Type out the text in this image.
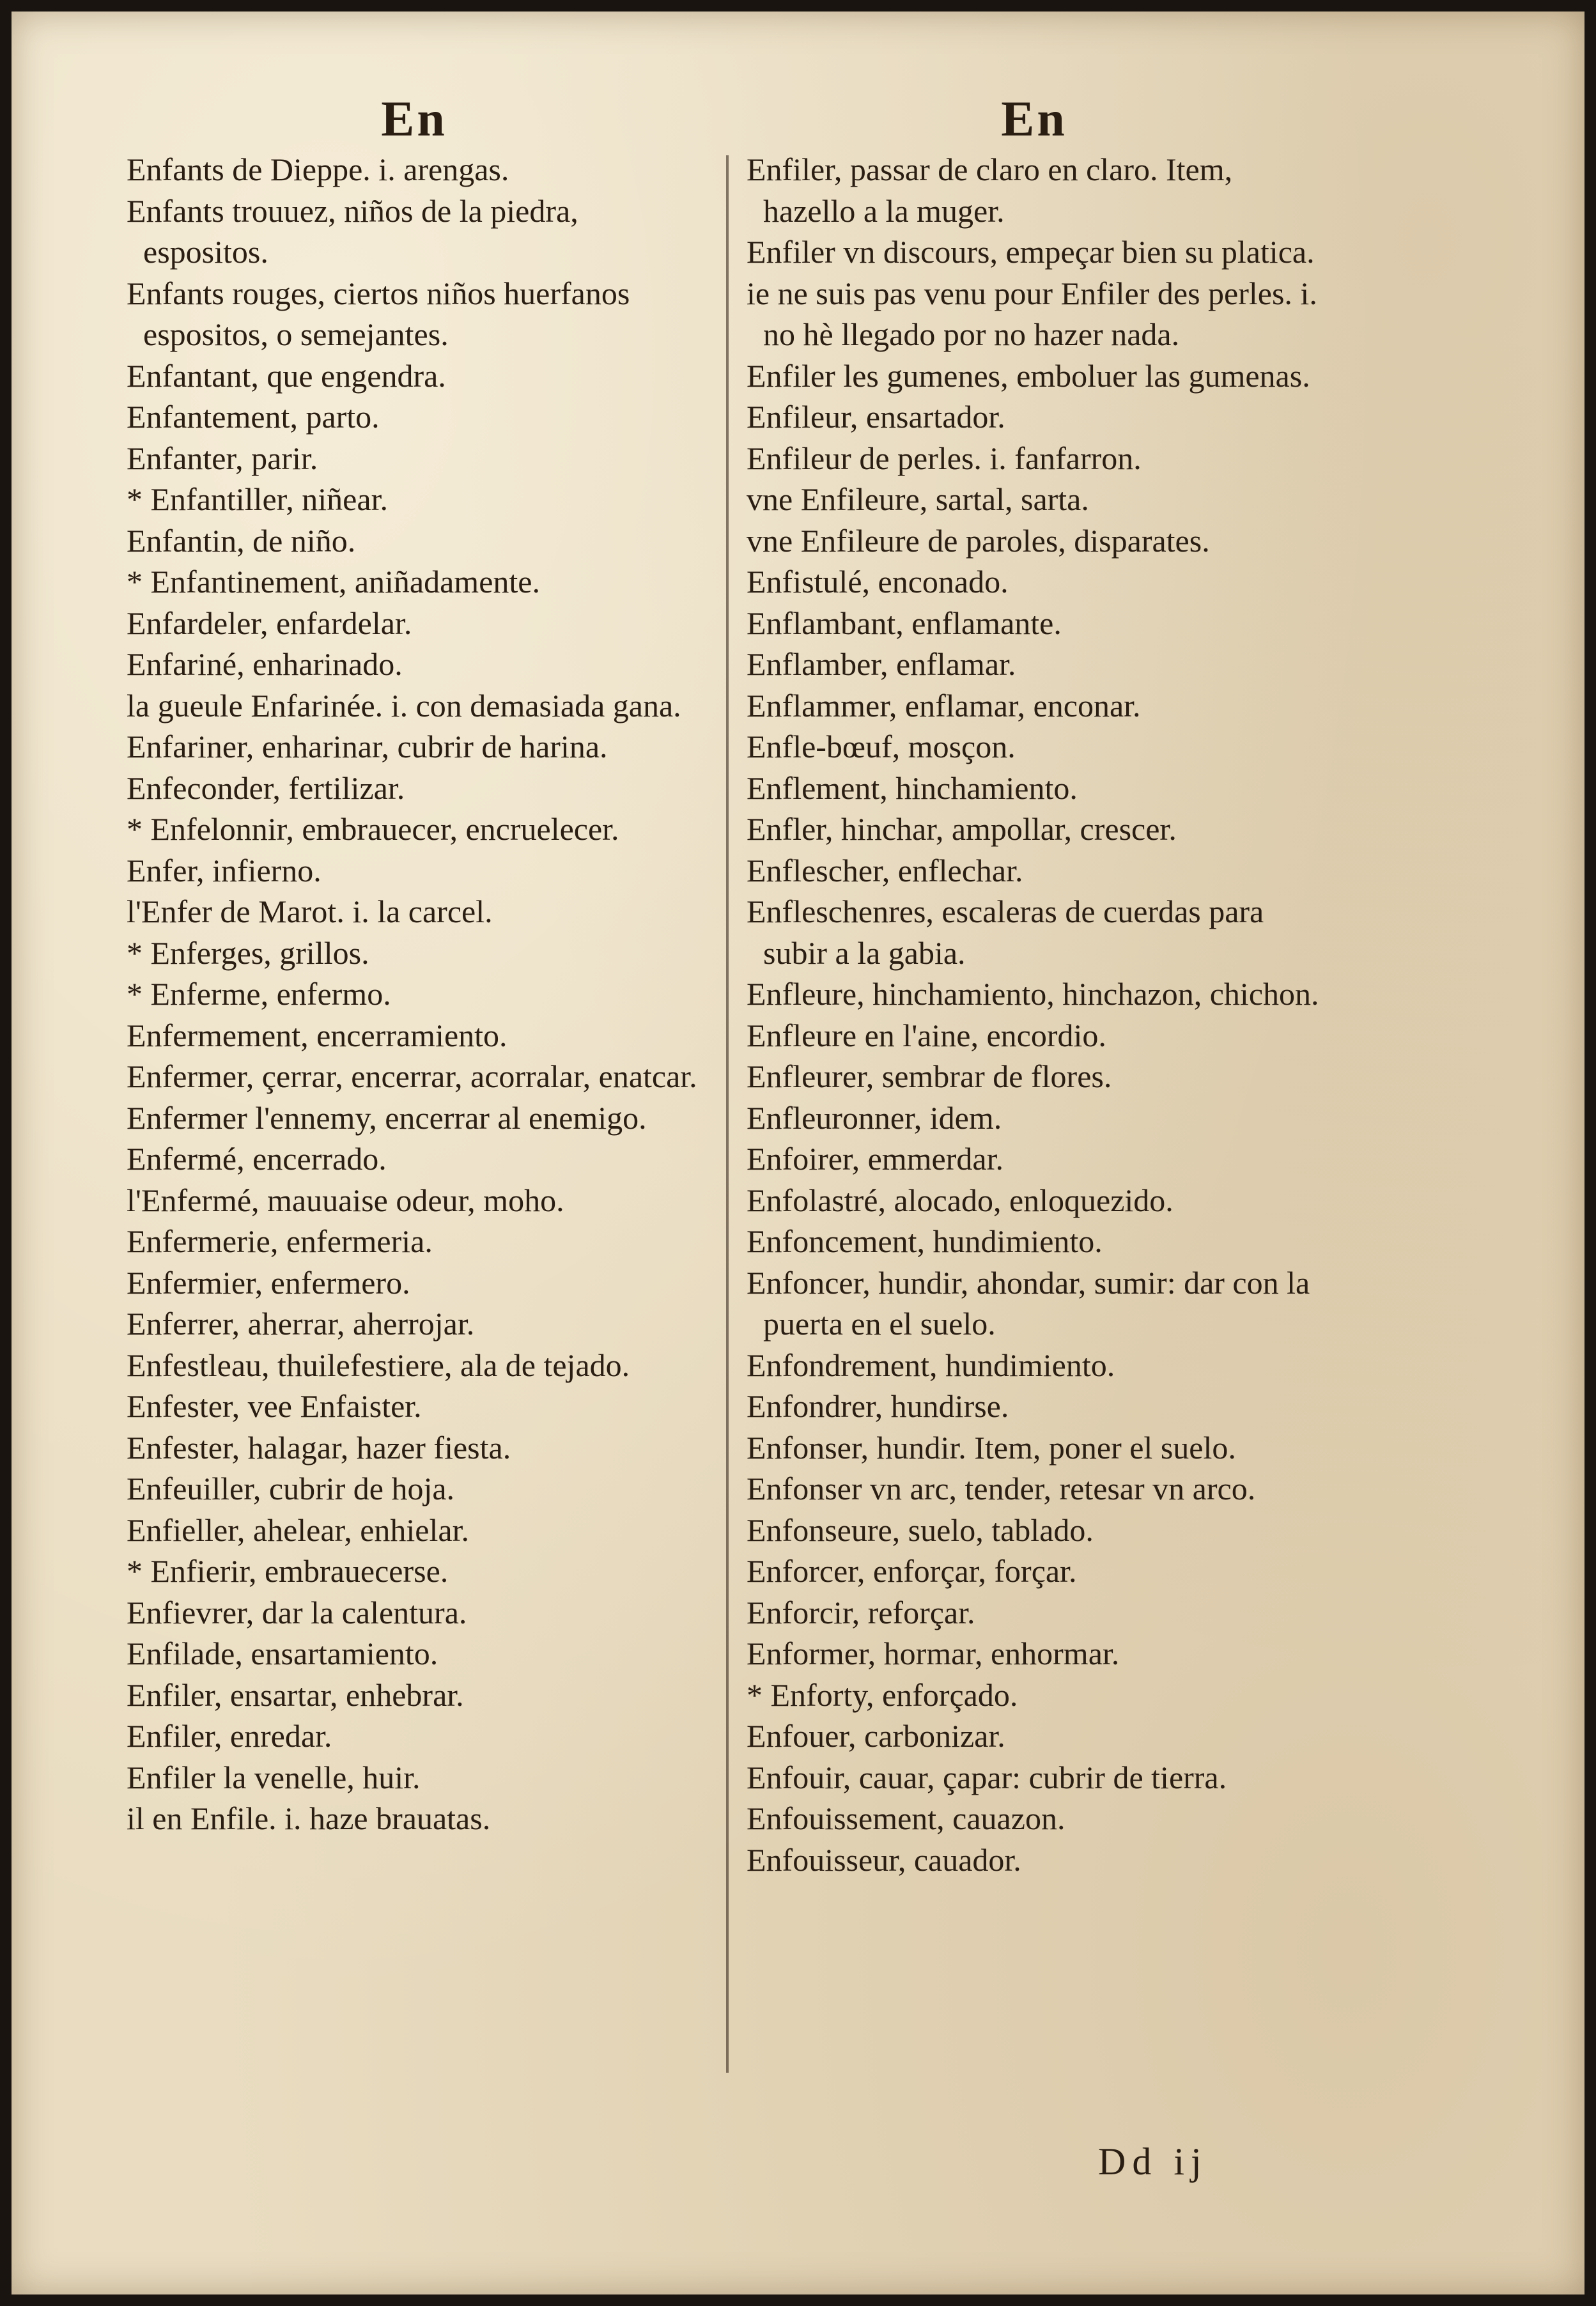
En
Enfants de Dieppe. i. arengas.
Enfants trouuez, niños de la piedra, espositos.
Enfants rouges, ciertos niños huerfanos espositos, o semejantes.
Enfantant, que engendra.
Enfantement, parto.
Enfanter, parir.
* Enfantiller, niñear.
Enfantin, de niño.
* Enfantinement, aniñadamente.
Enfardeler, enfardelar.
Enfariné, enharinado.
la gueule Enfarinée. i. con demasiada gana.
Enfariner, enharinar, cubrir de harina.
Enfeconder, fertilizar.
* Enfelonnir, embrauecer, encruelecer.
Enfer, infierno.
l'Enfer de Marot. i. la carcel.
* Enferges, grillos.
* Enferme, enfermo.
Enfermement, encerramiento.
Enfermer, çerrar, encerrar, acorralar, enatcar.
Enfermer l'ennemy, encerrar al enemigo.
Enfermé, encerrado.
l'Enfermé, mauuaise odeur, moho.
Enfermerie, enfermeria.
Enfermier, enfermero.
Enferrer, aherrar, aherrojar.
Enfestleau, thuilefestiere, ala de tejado.
Enfester, vee Enfaister.
Enfester, halagar, hazer fiesta.
Enfeuiller, cubrir de hoja.
Enfieller, ahelear, enhielar.
* Enfierir, embrauecerse.
Enfievrer, dar la calentura.
Enfilade, ensartamiento.
Enfiler, ensartar, enhebrar.
Enfiler, enredar.
Enfiler la venelle, huir.
il en Enfile. i. haze brauatas.
En
Enfiler, passar de claro en claro. Item, hazello a la muger.
Enfiler vn discours, empeçar bien su platica.
ie ne suis pas venu pour Enfiler des perles. i. no hè llegado por no hazer nada.
Enfiler les gumenes, emboluer las gumenas.
Enfileur, ensartador.
Enfileur de perles. i. fanfarron.
vne Enfileure, sartal, sarta.
vne Enfileure de paroles, disparates.
Enfistulé, enconado.
Enflambant, enflamante.
Enflamber, enflamar.
Enflammer, enflamar, enconar.
Enfle-bœuf, mosçon.
Enflement, hinchamiento.
Enfler, hinchar, ampollar, crescer.
Enflescher, enflechar.
Enfleschenres, escaleras de cuerdas para subir a la gabia.
Enfleure, hinchamiento, hinchazon, chichon.
Enfleure en l'aine, encordio.
Enfleurer, sembrar de flores.
Enfleuronner, idem.
Enfoirer, emmerdar.
Enfolastré, alocado, enloquezido.
Enfoncement, hundimiento.
Enfoncer, hundir, ahondar, sumir: dar con la puerta en el suelo.
Enfondrement, hundimiento.
Enfondrer, hundirse.
Enfonser, hundir. Item, poner el suelo.
Enfonser vn arc, tender, retesar vn arco.
Enfonseure, suelo, tablado.
Enforcer, enforçar, forçar.
Enforcir, reforçar.
Enformer, hormar, enhormar.
* Enforty, enforçado.
Enfouer, carbonizar.
Enfouir, cauar, çapar: cubrir de tierra.
Enfouissement, cauazon.
Enfouisseur, cauador.
Dd ij
